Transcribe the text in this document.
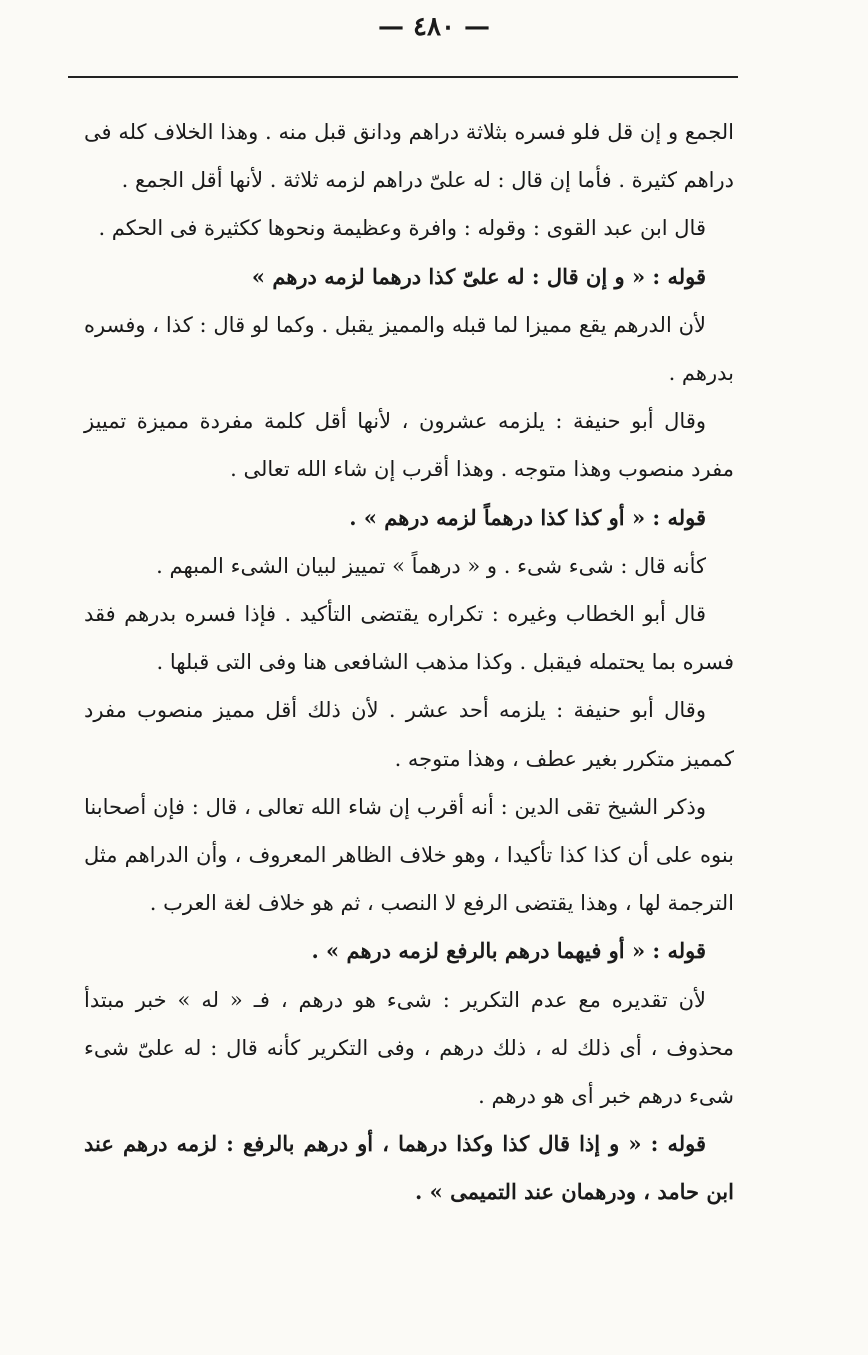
— ٤٨٠ —

الجمع و إن قل فلو فسره بثلاثة دراهم ودانق قبل منه . وهذا الخلاف كله فى دراهم كثيرة . فأما إن قال : له علىّ دراهم لزمه ثلاثة . لأنها أقل الجمع .

قال ابن عبد القوى : وقوله : وافرة وعظيمة ونحوها ككثيرة فى الحكم .

قوله : « و إن قال : له علىّ كذا درهما لزمه درهم »

لأن الدرهم يقع مميزا لما قبله والمميز يقبل . وكما لو قال : كذا ، وفسره بدرهم .

وقال أبو حنيفة : يلزمه عشرون ، لأنها أقل كلمة مفردة مميزة تمييز مفرد منصوب وهذا متوجه . وهذا أقرب إن شاء الله تعالى .

قوله : « أو كذا كذا درهماً لزمه درهم » .

كأنه قال : شىء شىء . و « درهماً » تمييز لبيان الشىء المبهم .

قال أبو الخطاب وغيره : تكراره يقتضى التأكيد . فإذا فسره بدرهم فقد فسره بما يحتمله فيقبل . وكذا مذهب الشافعى هنا وفى التى قبلها .

وقال أبو حنيفة : يلزمه أحد عشر . لأن ذلك أقل مميز منصوب مفرد كمميز متكرر بغير عطف ، وهذا متوجه .

وذكر الشيخ تقى الدين : أنه أقرب إن شاء الله تعالى ، قال : فإن أصحابنا بنوه على أن كذا كذا تأكيدا ، وهو خلاف الظاهر المعروف ، وأن الدراهم مثل الترجمة لها ، وهذا يقتضى الرفع لا النصب ، ثم هو خلاف لغة العرب .

قوله : « أو فيهما درهم بالرفع لزمه درهم » .

لأن تقديره مع عدم التكرير : شىء هو درهم ، فـ « له » خبر مبتدأ محذوف ، أى ذلك له ، ذلك درهم ، وفى التكرير كأنه قال : له علىّ شىء شىء درهم خبر أى هو درهم .

قوله : « و إذا قال كذا وكذا درهما ، أو درهم بالرفع : لزمه درهم عند ابن حامد ، ودرهمان عند التميمى » .
